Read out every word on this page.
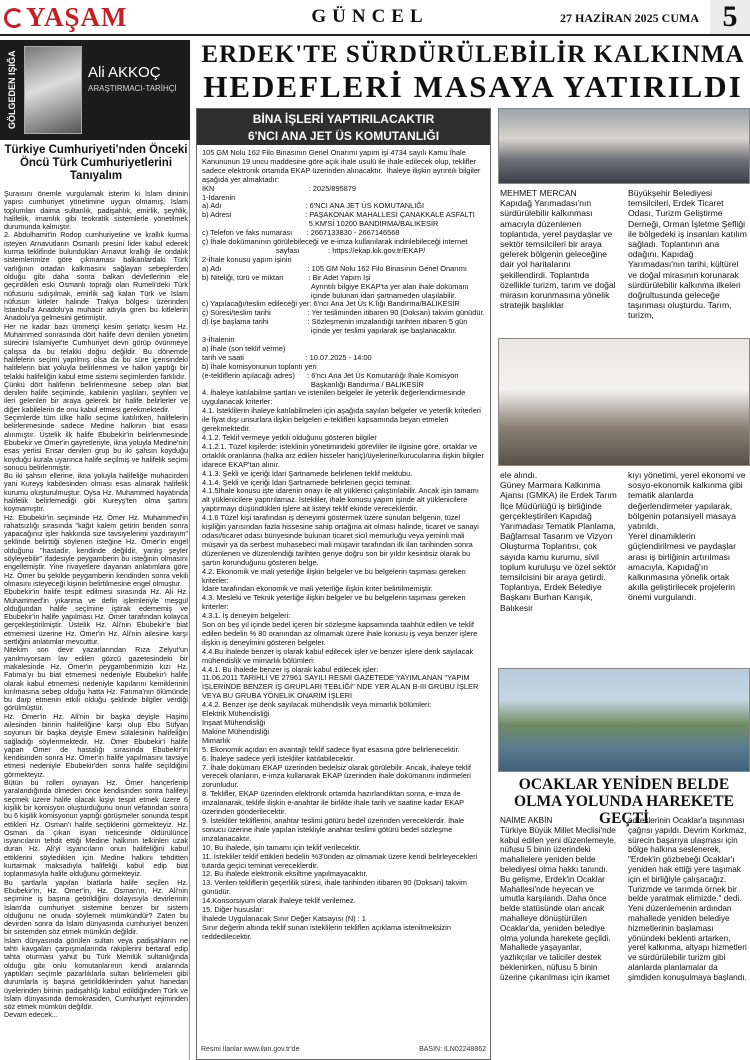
YAŞAM	GÜNCEL	27 HAZİRAN 2025 CUMA 5
GÖLGEDEN IŞIĞA	Ali AKKOÇ
ARAŞTIRMACI-TARİHÇİ
Türkiye Cumhuriyeti'nden Önceki Öncü Türk Cumhuriyetlerini Tanıyalım
Şuraısını önemle vurgulamak isterim ki İslam dininin yapısı cumhuriyet yönetimine uygun olmamış, İslam toplumları daima sultanlık, padişahlık, emirlik, şeyhlik, halifelik, imamlık gibi teokratik sistemlerle yönetilmek durumunda kalmıştır.
2. Abdulhamit'in Rodop cumhuriyetine ve krallık kurma isteyen Arnavutların Osmanlı presini lider kabul ederek kurma teklifinde bulundukları Arnavut krallığı ile ondalık sistemlerimize göre çıkmaması balkanlardaki Türk varlığının ortadan kalkmasını sağlayan sebeplerden olduğu gibi daha sonra balkan devletlerinin ele geçirdikleri eski Osmanlı toprağı olan Rumeli'deki Türk nüfusunu sıdışılmak, emirlik sağ kalan Türk ve İslam nüfusun kitleler halinde Trakya bölgesi üzerinden İstanbul'a Anadolu'ya muhacir adıyla giren bu kitlelerin Anadolu'ya gelmesini getirmiştir.
Her ne kadar bazı ümmetçi kesim şeriatçı kesim Hz. Muhammed sonrasında dört halife devri denilen yönetim sürecini İslamiyet'te Cumhuriyet devri görüp övünmeye çalışsa da bu telakki doğru değildir. Bu dönemde halifelerin seçimi yapılmış olsa da bu süre içerisindeki halifelerin biat yoluyla belirlenmesi ve halkın yaptığı bir telakki halifeliğin kabul etme sistemi seçimlerden farklıdır.
Çünkü dört halifenin belirlenmesine sebep olan biat denilen halife seçiminde, kabilenin yaşlıları, şeyhleri ve ileri gelenleri bir araya gelerek bir halife belirlerler ve diğer kabilelerin de onu kabul etmesi gerekmektedir.
Seçimlerde tüm ülke halkı seçime katılırken, halifelerin belirlenmesinde sadece Medine halkının biat esası alınmıştır. Üstelik ilk halife Ebubekir'in belirlenmesinde Ebubekir ve Ömer'in gayretleriyle, ikna yoluyla Medine'nin esas yerlisi Ensar denilen grup bu iki şahsın koyduğu koyduğu kurala uyarınca halife seçilmiş ve halifelik seçimi sonucu belirlenmiştir.
Bu iki şahsın ellerine, ikna yoluyla halifeliğe muhacirden yani Kureyş kabilesinden olması esas alınarak halifelik kurumu oluşturulmuştur. Oysa Hz. Muhammed hayatında halifelik belirlemediği gibi Kureyş'ten olma şartını koymamıştır.
Hz. Ebubekir'in seçiminde Hz. Ömer Hz. Muhammed'in rahatsızlığı sırasında "kağıt kalem getirin benden sonra yapacağınız işler hakkında size tavsiyelerimi yazdırayım" şeklinde belirttiği söylenen isteğine Hz. Ömer'in engel olduğunu "hastadır, kendinde değildir, yanlış şeyler söyleyebilir" ifadesiyle peygamberin bu isteğinin olmasını engellemiştir. Yine rivayetlere dayanan anlatımlara göre Hz. Ömer bu şekilde peygamberin kendinden sonra vekili olmasını isteyeceği kişinin belirtilmesine engel olmuştur.
Ebubekir'in halife tespit edilmesi sırasında Hz. Ali Hz. Muhammed'in yıkanma ve defin işlemleriyle meşgul olduğundan halife seçimine iştirak edememiş ve Ebubekir'in halife yapılması Hz. Ömer tarafından kolayca gerçekleştirilmiştir. Üstelik Hz. Ali'nin Ebubekir'e biat etmemesi üzerine Hz. Ömer'in Hz. Ali'nin ailesine karşı sertliğini anlatımlar mevcuttur.
Nitekim son devir yazarlarından Rıza Zelyut'un yanılmıyorsam lav edilen gözcü gazetesindeki bir makalesinde Hz. Ömer'in peygamberimizin kızı Hz. Fatıma'yı bu biat etmemesi nedeniyle Ebubekir'i halife olarak kabul etmemesi nedeniyle kapılarını kemiklerinin kırılmasına sebep olduğu hatta Hz. Fatıma'nın ölümünde bu darp etmenin etkili olduğu şeklinde bilgiler verdiği görülmüştür.
Hz. Ömer'in Hz. Ali'nin bir başka deyişle Haşimi ailesinden birinin halifeliğine karşı olup Ebu Süfyan soyunun bir başka deyişle Emevi sülalesinin halifeliğin sağladığı söylenmektedir. Hz. Ömer Ebubekir'i halife yapan Ömer de hastalığı sırasında Ebubekir'in kendisinden sonra Hz. Ömer'in halife yapılmasını tavsiye etmesi nedeniyle Ebubekir'den sonra halife seçildiğini görmekteyiz.
Bütün bu rolleri oynayan Hz. Ömer hançerlenip yaralandığında ölmeden önce kendisinden sonra halifeyi seçmek üzere halife olacak kişiyi tespit etmek üzere 6 kişilik bir komisyon oluşturduğunu onun vefatından sonra bu 6 kişilik komisyonun yaptığı görüşmeler sonunda tespit ettikleri Hz. Osman'ı halife seçtiklerini görmekteyiz. Hz. Osman da çıkan isyan neticesinde öldürülünce isyancıların tehdit ettiği Medine halkının telkinleri uzak duran Hz. Ali'yi isyancıların onun halifeliğini kabul ettiklerini söyledikleri için Medine halkını tehditten kurtarmak maksadıyla halifeliği kabul edip biat toplanmasıyla halife olduğunu görmekteyiz.
Bu şartlarla yapılan biatlarla halife seçilen Hz. Ebubekir'in, Hz. Ömer'in, Hz. Osman'ın, Hz. Ali'nin seçimine iş başına getirildiğini dolayısıyla devirlerinin İslam'da cumhuriyet sistemine benzer bir sistem olduğunu ne onuda söylemek mümkündür? Zaten bu devirden sonra da İslam dünyasında cumhuriyet benzeri bir sistemden söz etmek mümkün değildir.
İslam dünyasında görülen sultan veya padişahların ne tahtı kavgaları çarpışmalarında rakiplerini bertaraf edip tahta oturması yahut bu Türk Memlük sultanlığında olduğu gibi onlu komutanlarının kendi aralarında yaptıkları seçimle pazarlıklarla sultan belirlemeleri gibi durumlarla iş başına getirildiklerinden yahut hanedan üyelerinden birinin padişahlığı kabul edildiğinden Türk ve İslam dünyasında demokrasiden, Cumhuriyet rejiminden söz etmek mümkün değildir.
Devam edecek...
ERDEK'TE SÜRDÜRÜLEBİLİR KALKINMA
HEDEFLERİ MASAYA YATIRILDI
BİNA İŞLERİ YAPTIRILACAKTIR
6'NCI ANA JET ÜS KOMUTANLIĞI
105 GM Nolu 162 Filo Binasının Genel Onarımı yapım işi 4734 sayılı Kamu İhale Kanununun 19 uncu maddesine göre açık ihale usulü ile ihale edilecek olup, teklifler sadece elektronik ortamda EKAP üzerinden alınacaktır.  İhaleye ilişkin ayrıntılı bilgiler aşağıda yer almaktadır:
İKN                                              : 2025/895879
1-İdarenin
a) Adı                                         : 6'NCI ANA JET ÜS KOMUTANLIĞI
b) Adresi                                    : PAŞAKONAK MAHALLESİ ÇANAKKALE ASFALTI
5.KM'Sİ 10200 BANDIRMA/BALIKESİR
c) Telefon ve faks numarası       : 2667133830 - 2667146568
ç) İhale dokümanının görülebileceği ve e-imza kullanılarak indirilebileceği internet
sayfası              : https://ekap.kik.gov.tr/EKAP/
2-İhale konusu yapım işinin
a) Adı                                          : 105 GM Nolu 162 Filo Binasının Genel Onarımı
b) Niteliği, türü ve miktarı            : Bir Adet Yapım İşi
Ayrıntılı bilgiye EKAP'ta yer alan ihale dokümanı
içinde bulunan idari şartnameden ulaşılabilir.
c) Yapılacağı/teslim edileceği yer: 6'ncı Ana Jet Üs K.lığı Bandırma/BALIKESİR
ç) Süresi/teslim tarihi                  : Yer tesliminden itibaren 90 (Doksan) takvim günüdür.
d) İşe başlama tarihi                   : Sözleşmenin imzalandığı tarihten itibaren 5 gün
içinde yer teslimi yapılarak işe başlanacaktır.
3-İhalenin
a) İhale (son teklif verme)
tarih ve saati                              : 10.07.2025 - 14:00
b) İhale komisyonunun toplantı yeri
(e-tekliflerin açılacağı adres)      : 6'ncı Ana Jet Üs Komutanlığı İhale Komisyon
Başkanlığı Bandırma / BALIKESİR
4. İhaleye katılabilme şartları ve istenilen belgeler ile yeterlik değerlendirmesinde uygulanacak kriterler:
4.1. İsteklilerin ihaleye katılabilmeleri için aşağıda sayılan belgeler ve yeterlik kriterleri ile fiyat dışı unsurlara ilişkin belgeleri e-teklifleri kapsamında beyan etmeleri gerekmektedir.
4.1.2. Teklif vermeye yetkili olduğunu gösteren bilgiler
4.1.2.1. Tüzel kişilerde: isteklinin yönetimindeki görevliler ile ilgisine göre, ortaklar ve ortaklık oranlarına (halka arz edilen hisseler hariç)/üyelerine/kurucularına ilişkin bilgiler idarece EKAP'tan alınır.
4.1.3. Şekli ve içeriği İdari Şartnamede belirlenen teklif mektubu.
4.1.4. Şekli ve içeriği İdari Şartnamede belirlenen geçici teminat.
4.1.5İhale konusu işte idarenin onayı ile alt yüklenici çalıştırılabilir. Ancak işin tamamı alt yüklenicilere yaptırılamaz. İstekliler, ihale konusu yapım işinde alt yüklenicilere yaptırmayı düşündükleri işlere ait listeyi teklif ekinde vereceklerdir.
4.1.6 Tüzel kişi tarafından iş deneyimi göstermek üzere sunulan belgenin, tüzel kişiliğin yarısından fazla hissesine sahip ortağına ait olması halinde, ticaret ve sanayi odası/ticaret odası bünyesinde bulunan ticaret sicil memurluğu veya yeminli mali müşavir ya da serbest muhasebeci mali müşavir tarafından ilk ilan tarihinden sonra düzenlenen ve düzenlendiği tarihten geriye doğru son bir yıldır kesintisiz olarak bu şartın korunduğunu gösteren belge.
4.2. Ekonomik ve mali yeterliğe ilişkin belgeler ve bu belgelerin taşıması gereken kriterler:
İdare tarafından ekonomik ve mali yeterliğe ilişkin kriter belirtilmemiştir.
4.3. Mesleki ve Teknik yeterliğe ilişkin belgeler ve bu belgelerin taşıması gereken kriterler:
4.3.1. İş deneyim belgeleri:
Son on beş yıl içinde bedel içeren bir sözleşme kapsamında taahhüt edilen ve teklif edilen bedelin % 80 oranından az olmamak üzere ihale konusu iş veya benzer işlere ilişkin iş deneyimini gösteren belgeler.
4.4.Bu ihalede benzer iş olarak kabul edilecek işler ve benzer işlere denk sayılacak mühendislik ve mimarlık bölümleri:
4.4.1. Bu ihalede benzer iş olarak kabul edilecek işler:
11.06.2011 TARİHLİ VE 27961 SAYILI RESMİ GAZETEDE YAYIMLANAN "YAPIM İŞLERİNDE BENZER İŞ GRUPLARI TEBLİĞİ" NDE YER ALAN B-III GRUBU İŞLER VEYA BU GRUBA YÖNELİK ONARIM İŞLERİ
4.4.2. Benzer işe denk sayılacak mühendislik veya mimarlık bölümleri:
Elektrik Mühendisliği
İnşaat Mühendisliği
Makine Mühendisliği
Mimarlık
5. Ekonomik açıdan en avantajlı teklif sadece fiyat esasına göre belirlenecektir.
6. İhaleye sadece yerli istekliler katılabilecektir.
7. İhale dokümanı EKAP üzerinden bedelsiz olarak görülebilir. Ancak, ihaleye teklif verecek olanların, e-imza kullanarak EKAP üzerinden ihale dokümanını indirmeleri zorunludur.
8. Teklifler, EKAP üzerinden elektronik ortamda hazırlandıktan sonra, e-imza ile imzalanarak, teklife ilişkin e-anahtar ile birlikte ihale tarih ve saatine kadar EKAP üzerinden gönderilecektir.
9. İstekliler tekliflerini, anahtar teslimi götürü bedel üzerinden vereceklerdir. İhale sonucu üzerine ihale yapılan istekliyle anahtar teslimi götürü bedel sözleşme imzalanacaktır.
10. Bu ihalede, işin tamamı için teklif verilecektir.
11. İstekliler teklif ettikleri bedelin %3'ünden az olmamak üzere kendi belirleyecekleri tutarda geçici teminat vereceklerdir.
12. Bu ihalede elektronik eksiltme yapılmayacaktır.
13. Verilen tekliflerin geçerlilik süresi, ihale tarihinden itibaren 90 (Doksan) takvim günüdür.
14.Konsorsiyum olarak ihaleye teklif verilemez.
15. Diğer hususlar:
İhalede Uygulanacak Sınır Değer Katsayısı (N) : 1
Sınır değerin altında teklif sunan isteklilerin teklifleri açıklama istenilmeksizin reddedilecektir.
Resmi İlanlar www.ilan.gov.tr'de	BASIN: ILN02248862
MEHMET MERCAN
Kapıdağ Yarımadası'nın sürdürülebilir kalkınması amacıyla düzenlenen toplantıda, yerel paydaşlar ve sektör temsilcileri bir araya gelerek bölgenin geleceğine dair yol haritalarını şekillendirdi. Toplantıda özellikle turizm, tarım ve doğal mirasın korunmasına yönelik stratejik başlıklar
Büyükşehir Belediyesi temsilcileri, Erdek Ticaret Odası, Turizm Geliştirme Derneği, Orman İşletme Şefliği ile bölgedeki iş insanları katılım sağladı. Toplantının ana odağını, Kapıdağ Yarımadası'nın tarihi, kültürel ve doğal mirasının korunarak sürdürülebilir kalkınma ilkeleri doğrultusunda geleceğe taşınması oluşturdu. Tarım, turizm,
ele alındı.
Güney Marmara Kalkınma Ajansı (GMKA) ile Erdek Tarım İlçe Müdürlüğü iş birliğinde gerçekleştirilen Kapıdağ Yarımadası Tematik Planlama, Bağlamsal Tasarım ve Vizyon Oluşturma Toplantısı, çok sayıda kamu kurumu, sivil toplum kuruluşu ve özel sektör temsilcisini bir araya getirdi.
Toplantıya, Erdek Belediye Başkanı Burhan Karışık, Balıkesir
kıyı yönetimi, yerel ekonomi ve sosyo-ekonomik kalkınma gibi tematik alanlarda değerlendirmeler yapılarak, bölgenin potansiyeli masaya yatırıldı.
Yerel dinamiklerin güçlendirilmesi ve paydaşlar arası iş birliğinin artırılması amacıyla, Kapıdağ'ın kalkınmasına yönelik ortak akılla geliştirilecek projelerin önemi vurgulandı.
OCAKLAR YENİDEN BELDE OLMA YOLUNDA HAREKETE GEÇTİ
NAİME AKBİN
Türkiye Büyük Millet Meclisi'nde kabul edilen yeni düzenlemeyle, nüfusu 5 binin üzerindeki mahallelere yeniden belde belediyesi olma hakkı tanındı. Bu gelişme, Erdek'in Ocaklar Mahallesi'nde heyecan ve umutla karşılandı. Daha önce belde statüsünde olan ancak mahalleye dönüştürülen Ocaklar'da, yeniden belediye olma yolunda harekete geçildi. Mahallede yaşayanlar, yazlıkçılar ve taliciler destek beklenirken, nüfusu 5 binin üzerine çıkarılması için ikamet
adreslerinin Ocaklar'a taşınması çağrısı yapıldı. Devrim Korkmaz, sürecin başarıya ulaşması için bölge halkına seslenerek, "Erdek'in gözbebeği Ocaklar'ı yeniden hak ettiği yere taşımak için el birliğiyle çalışacağız. Turizmde ve tarımda örnek bir belde yaratmak elimizde." dedi. Yeni düzenlemenin ardından mahallede yeniden belediye hizmetlerinin başlaması yönündeki beklenti artarken, yerel kalkınma, altyapı hizmetleri ve sürdürülebilir turizm gibi alanlarda planlamalar da şimdiden konuşulmaya başlandı.
